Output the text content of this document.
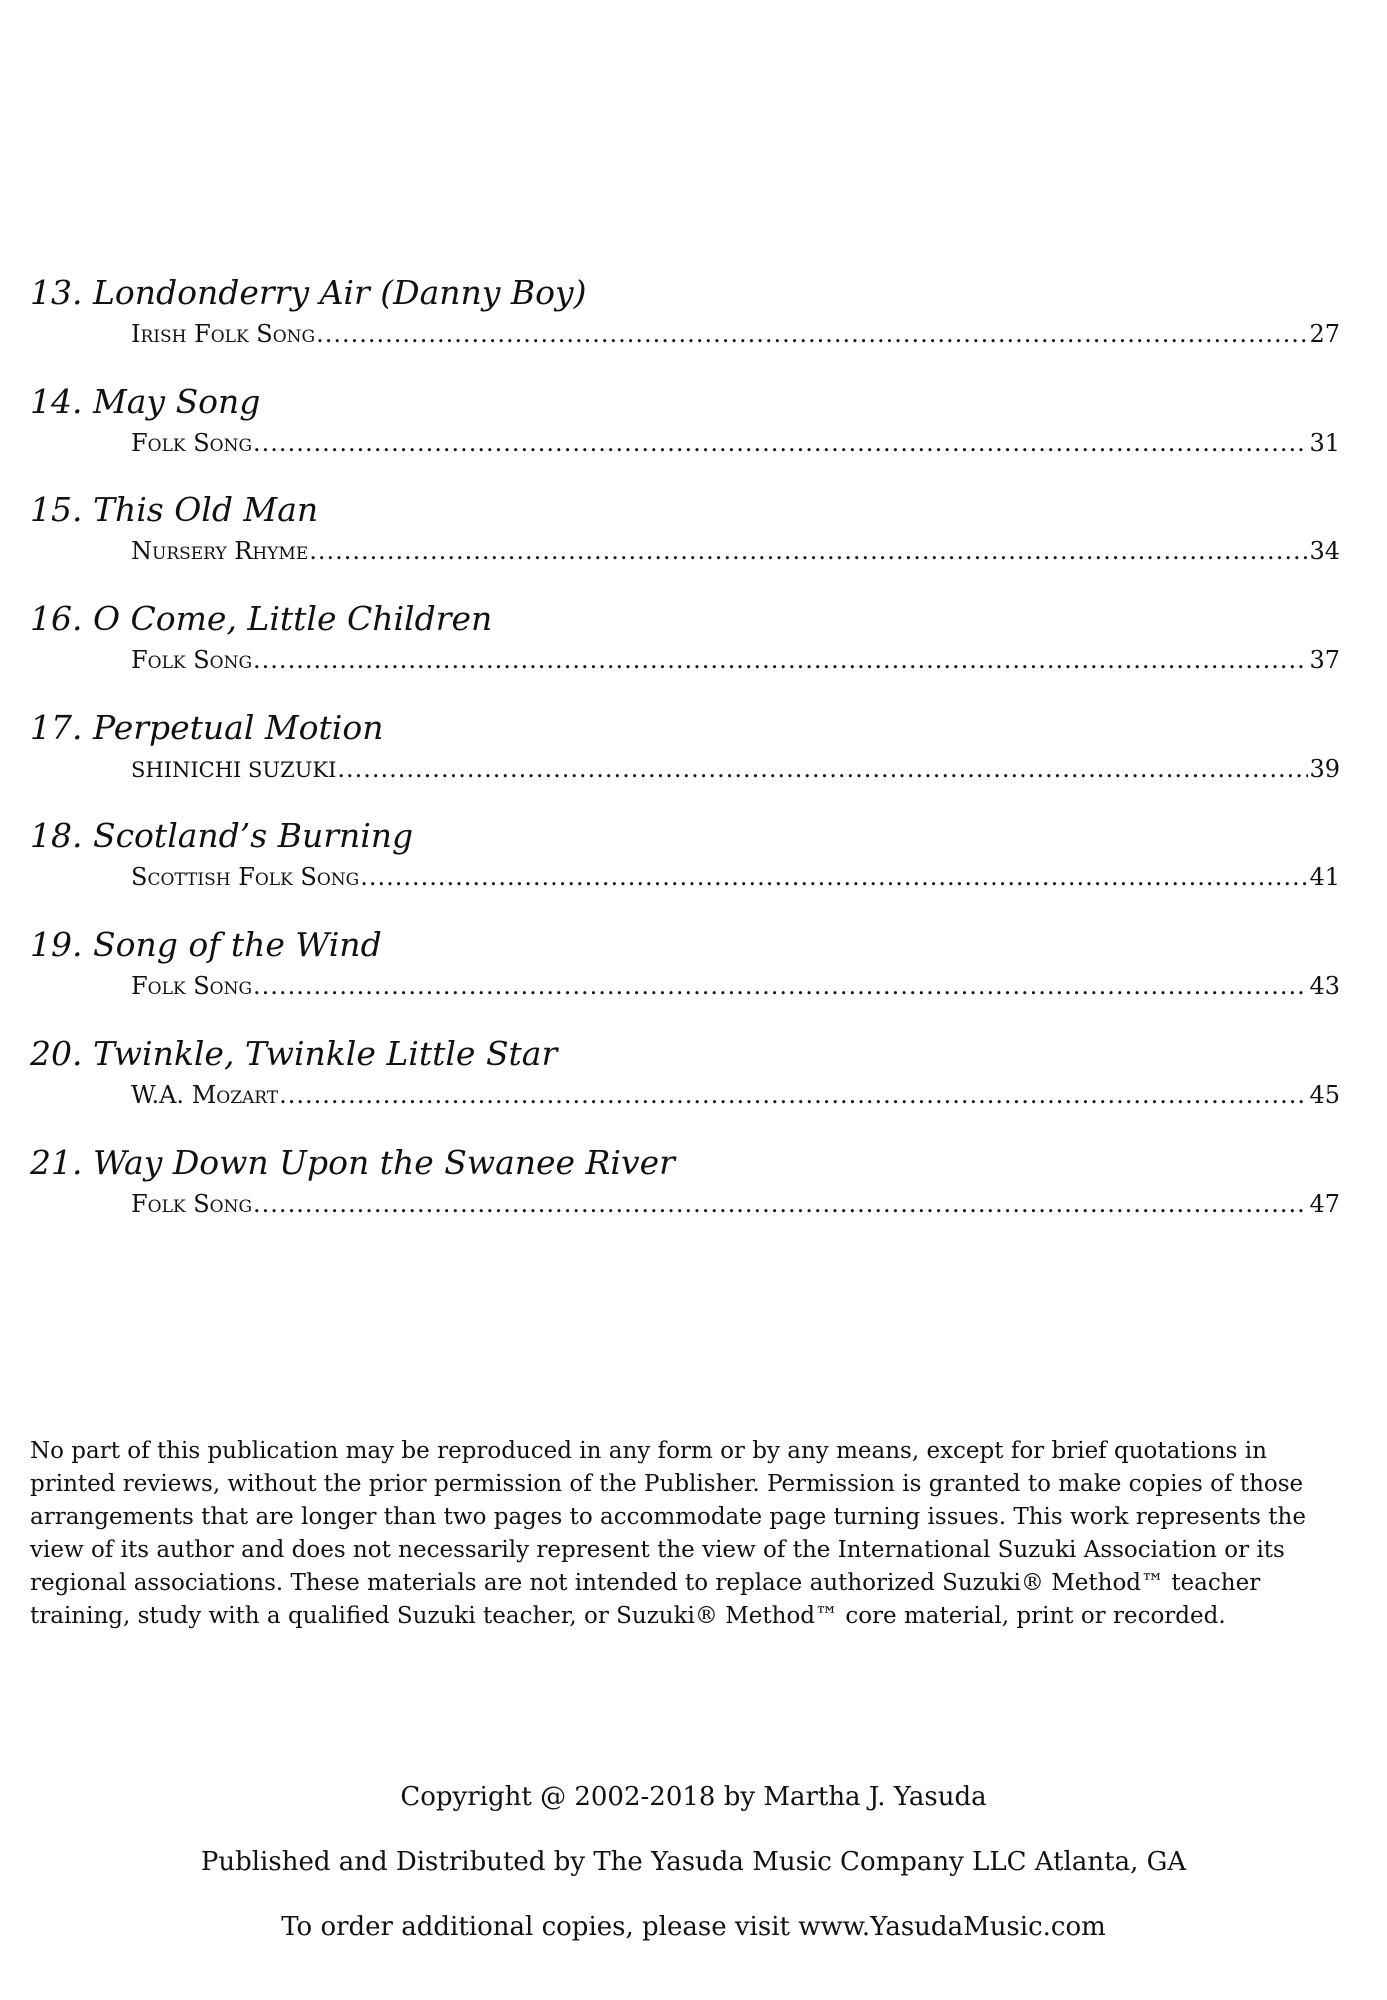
13. Londonderry Air (Danny Boy)
Irish Folk Song .....	27
14. May Song
Folk Song .....	31
15. This Old Man
Nursery Rhyme .....	34
16. O Come, Little Children
Folk Song .....	37
17. Perpetual Motion
SHINICHI SUZUKI .....	39
18. Scotland’s Burning
Scottish Folk Song .....	41
19. Song of the Wind
Folk Song .....	43
20. Twinkle, Twinkle Little Star
W.A. Mozart .....	45
21. Way Down Upon the Swanee River
Folk Song .....	47

No part of this publication may be reproduced in any form or by any means, except for brief quotations in printed reviews, without the prior permission of the Publisher. Permission is granted to make copies of those arrangements that are longer than two pages to accommodate page turning issues. This work represents the view of its author and does not necessarily represent the view of the International Suzuki Association or its regional associations. These materials are not intended to replace authorized Suzuki® Method™ teacher training, study with a qualified Suzuki teacher, or Suzuki® Method™ core material, print or recorded.

Copyright @ 2002-2018 by Martha J. Yasuda
Published and Distributed by The Yasuda Music Company LLC Atlanta, GA
To order additional copies, please visit www.YasudaMusic.com
